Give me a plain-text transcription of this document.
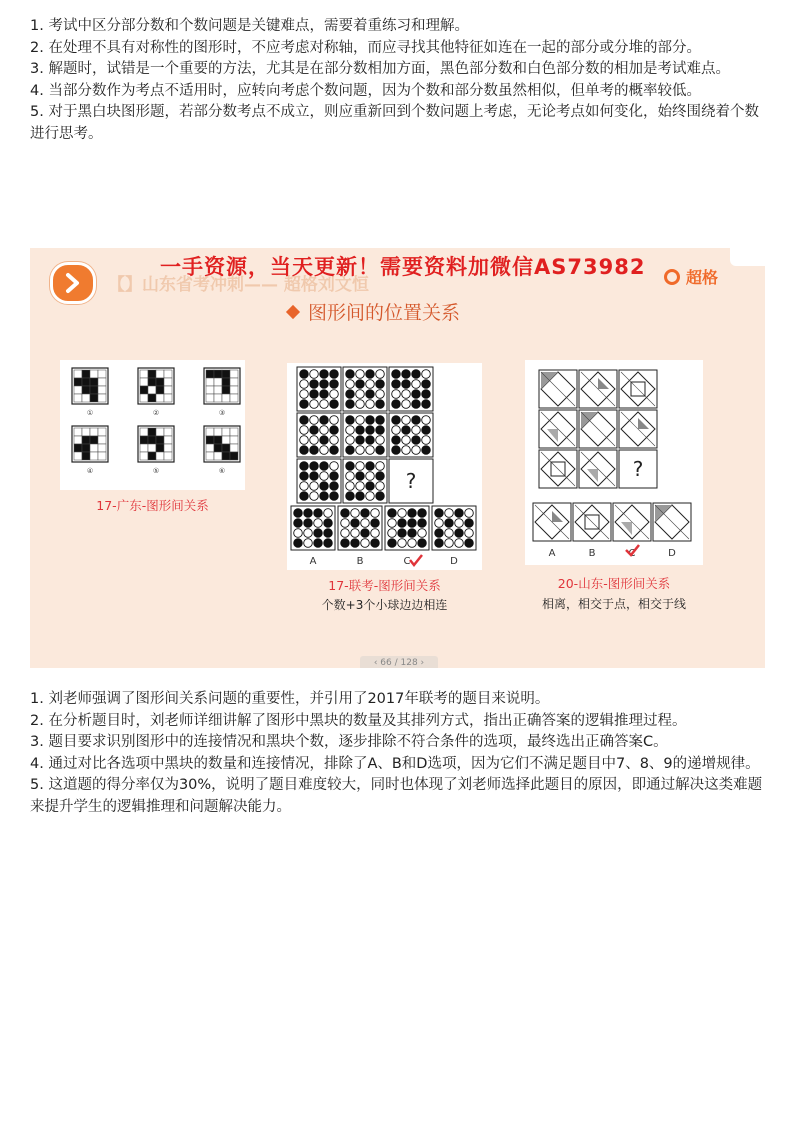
1. 考试中区分部分数和个数问题是关键难点，需要着重练习和理解。

2. 在处理不具有对称性的图形时，不应考虑对称轴，而应寻找其他特征如连在一起的部分或分堆的部分。

3. 解题时，试错是一个重要的方法，尤其是在部分数相加方面，黑色部分数和白色部分数的相加是考试难点。

4. 当部分数作为考点不适用时，应转向考虑个数问题，因为个数和部分数虽然相似，但单考的概率较低。

5. 对于黑白块图形题，若部分数考点不成立，则应重新回到个数问题上考虑，无论考点如何变化，始终围绕着个数进行思考。

【】山东省考冲刺—— 超格刘文恒
一手资源，当天更新！需要资料加微信AS73982	超格
图形间的位置关系
①	②	③
④	⑤	⑥
17-广东-图形间关系
?
A	B	C	D
17-联考-图形间关系
个数+3个小球边边相连
?
A	B	C	D
20-山东-图形间关系
相离，相交于点，相交于线
‹ 66 / 128 ›

1. 刘老师强调了图形间关系问题的重要性，并引用了2017年联考的题目来说明。

2. 在分析题目时，刘老师详细讲解了图形中黑块的数量及其排列方式，指出正确答案的逻辑推理过程。

3. 题目要求识别图形中的连接情况和黑块个数，逐步排除不符合条件的选项，最终选出正确答案C。

4. 通过对比各选项中黑块的数量和连接情况，排除了A、B和D选项，因为它们不满足题目中7、8、9的递增规律。

5. 这道题的得分率仅为30%，说明了题目难度较大，同时也体现了刘老师选择此题目的原因，即通过解决这类难题来提升学生的逻辑推理和问题解决能力。
